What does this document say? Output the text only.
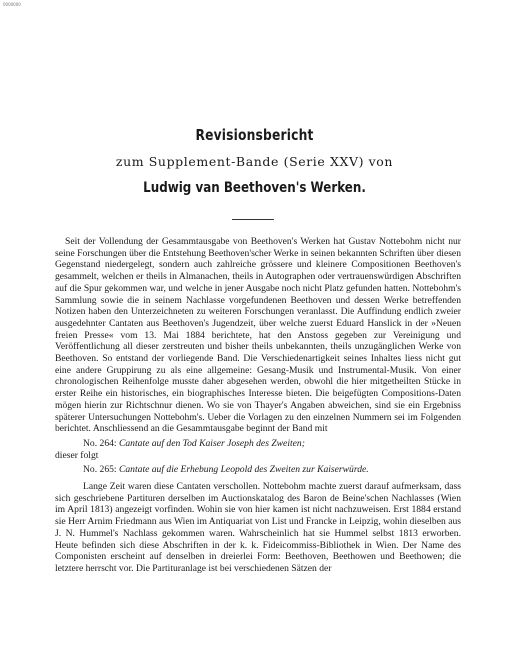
0000000
Revisionsbericht
zum Supplement-Bande (Serie XXV) von
Ludwig van Beethoven's Werken.

Seit der Vollendung der Gesammtausgabe von Beethoven's Werken hat Gustav Nottebohm nicht nur seine Forschungen über die Entstehung Beethoven'scher Werke in seinen bekannten Schriften über diesen Gegenstand niedergelegt, sondern auch zahlreiche grössere und kleinere Compositionen Beethoven's gesammelt, welchen er theils in Almanachen, theils in Autographen oder vertrauenswürdigen Abschriften auf die Spur gekommen war, und welche in jener Ausgabe noch nicht Platz gefunden hatten. Nottebohm's Sammlung sowie die in seinem Nachlasse vorgefundenen Beethoven und dessen Werke betreffenden Notizen haben den Unterzeichneten zu weiteren Forschungen veranlasst. Die Auffindung endlich zweier ausgedehnter Cantaten aus Beethoven's Jugendzeit, über welche zuerst Eduard Hanslick in der »Neuen freien Presse« vom 13. Mai 1884 berichtete, hat den Anstoss gegeben zur Vereinigung und Veröffentlichung all dieser zerstreuten und bisher theils unbekannten, theils unzugänglichen Werke von Beethoven. So entstand der vorliegende Band. Die Verschiedenartigkeit seines Inhaltes liess nicht gut eine andere Gruppirung zu als eine allgemeine: Gesang-Musik und Instrumental-Musik. Von einer chronologischen Reihenfolge musste daher abgesehen werden, obwohl die hier mitgetheilten Stücke in erster Reihe ein historisches, ein biographisches Interesse bieten. Die beigefügten Compositions-Daten mögen hierin zur Richtschnur dienen. Wo sie von Thayer's Angaben abweichen, sind sie ein Ergebniss späterer Untersuchungen Nottebohm's. Ueber die Vorlagen zu den einzelnen Nummern sei im Folgenden berichtet. Anschliessend an die Gesammtausgabe beginnt der Band mit

No. 264: Cantate auf den Tod Kaiser Joseph des Zweiten;

dieser folgt

No. 265: Cantate auf die Erhebung Leopold des Zweiten zur Kaiserwürde.

Lange Zeit waren diese Cantaten verschollen. Nottebohm machte zuerst darauf aufmerksam, dass sich geschriebene Partituren derselben im Auctionskatalog des Baron de Beine'schen Nachlasses (Wien im April 1813) angezeigt vorfinden. Wohin sie von hier kamen ist nicht nachzuweisen. Erst 1884 erstand sie Herr Arnim Friedmann aus Wien im Antiquariat von List und Francke in Leipzig, wohin dieselben aus J. N. Hummel's Nachlass gekommen waren. Wahrscheinlich hat sie Hummel selbst 1813 erworben. Heute befinden sich diese Abschriften in der k. k. Fideicommiss-Bibliothek in Wien. Der Name des Componisten erscheint auf denselben in dreierlei Form: Beethoven, Beethowen und Beethowen; die letztere herrscht vor. Die Partituranlage ist bei verschiedenen Sätzen der
